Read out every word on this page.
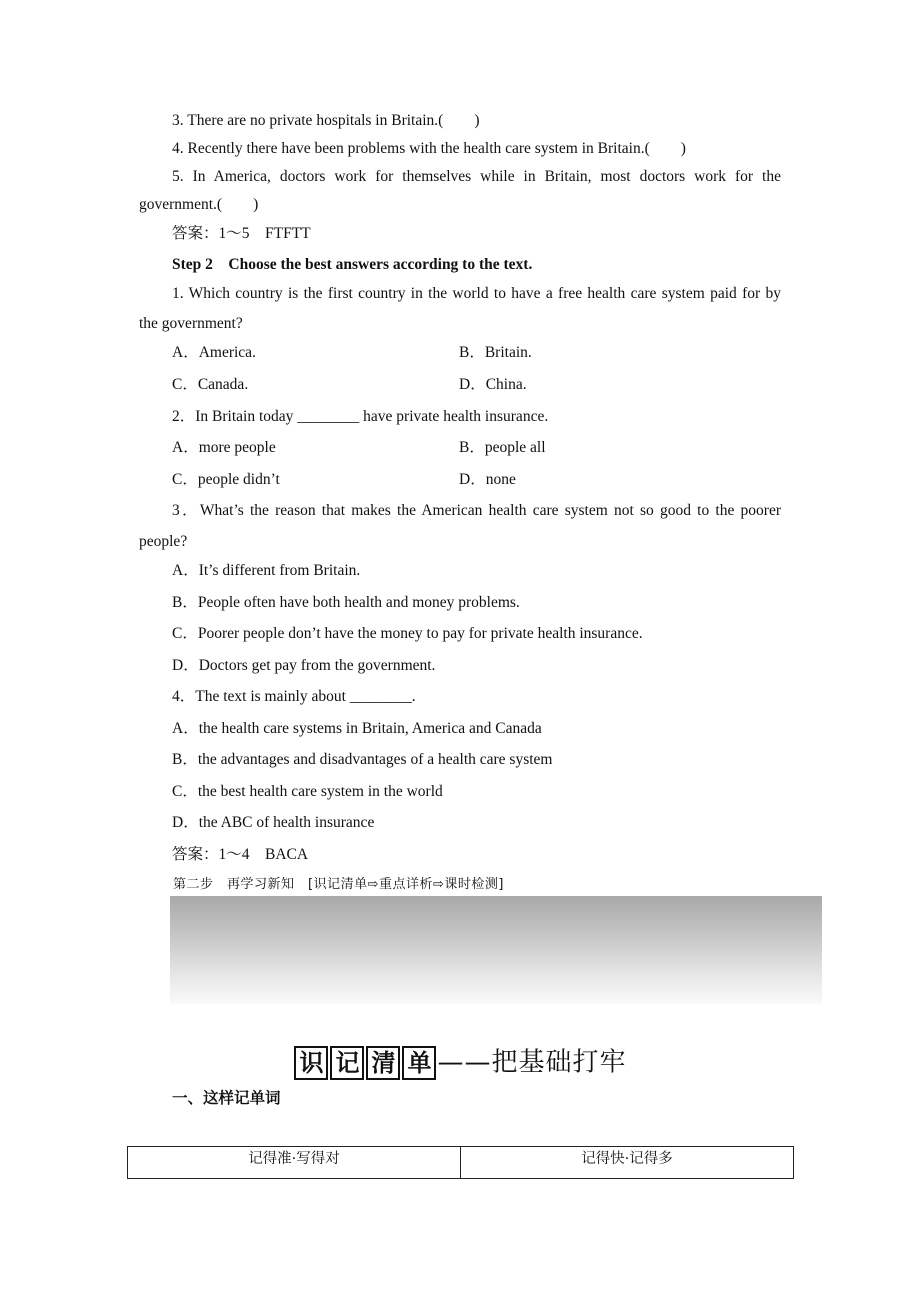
3. There are no private hospitals in Britain.(　　)
4. Recently there have been problems with the health care system in Britain.(　　)
5. In America, doctors work for themselves while in Britain, most doctors work for the
government.(　　)
答案：1～5　FTFTT
Step 2　Choose the best answers according to the text.
1. Which country is the first country in the world to have a free health care system paid for by
the government?
A．America.	B．Britain.
C．Canada.	D．China.
2．In Britain today ________ have private health insurance.
A．more people	B．people all
C．people didn’t	D．none
3．What’s the reason that makes the American health care system not so good to the poorer
people?
A．It’s different from Britain.
B．People often have both health and money problems.
C．Poorer people don’t have the money to pay for private health insurance.
D．Doctors get pay from the government.
4．The text is mainly about ________.
A．the health care systems in Britain, America and Canada
B．the advantages and disadvantages of a health care system
C．the best health care system in the world
D．the ABC of health insurance
答案：1～4　BACA
第二步　再学习新知　[识记清单⇨重点详析⇨课时检测]
识 记 清 单 ——把基础打牢
一、这样记单词
记得准·写得对	记得快·记得多
